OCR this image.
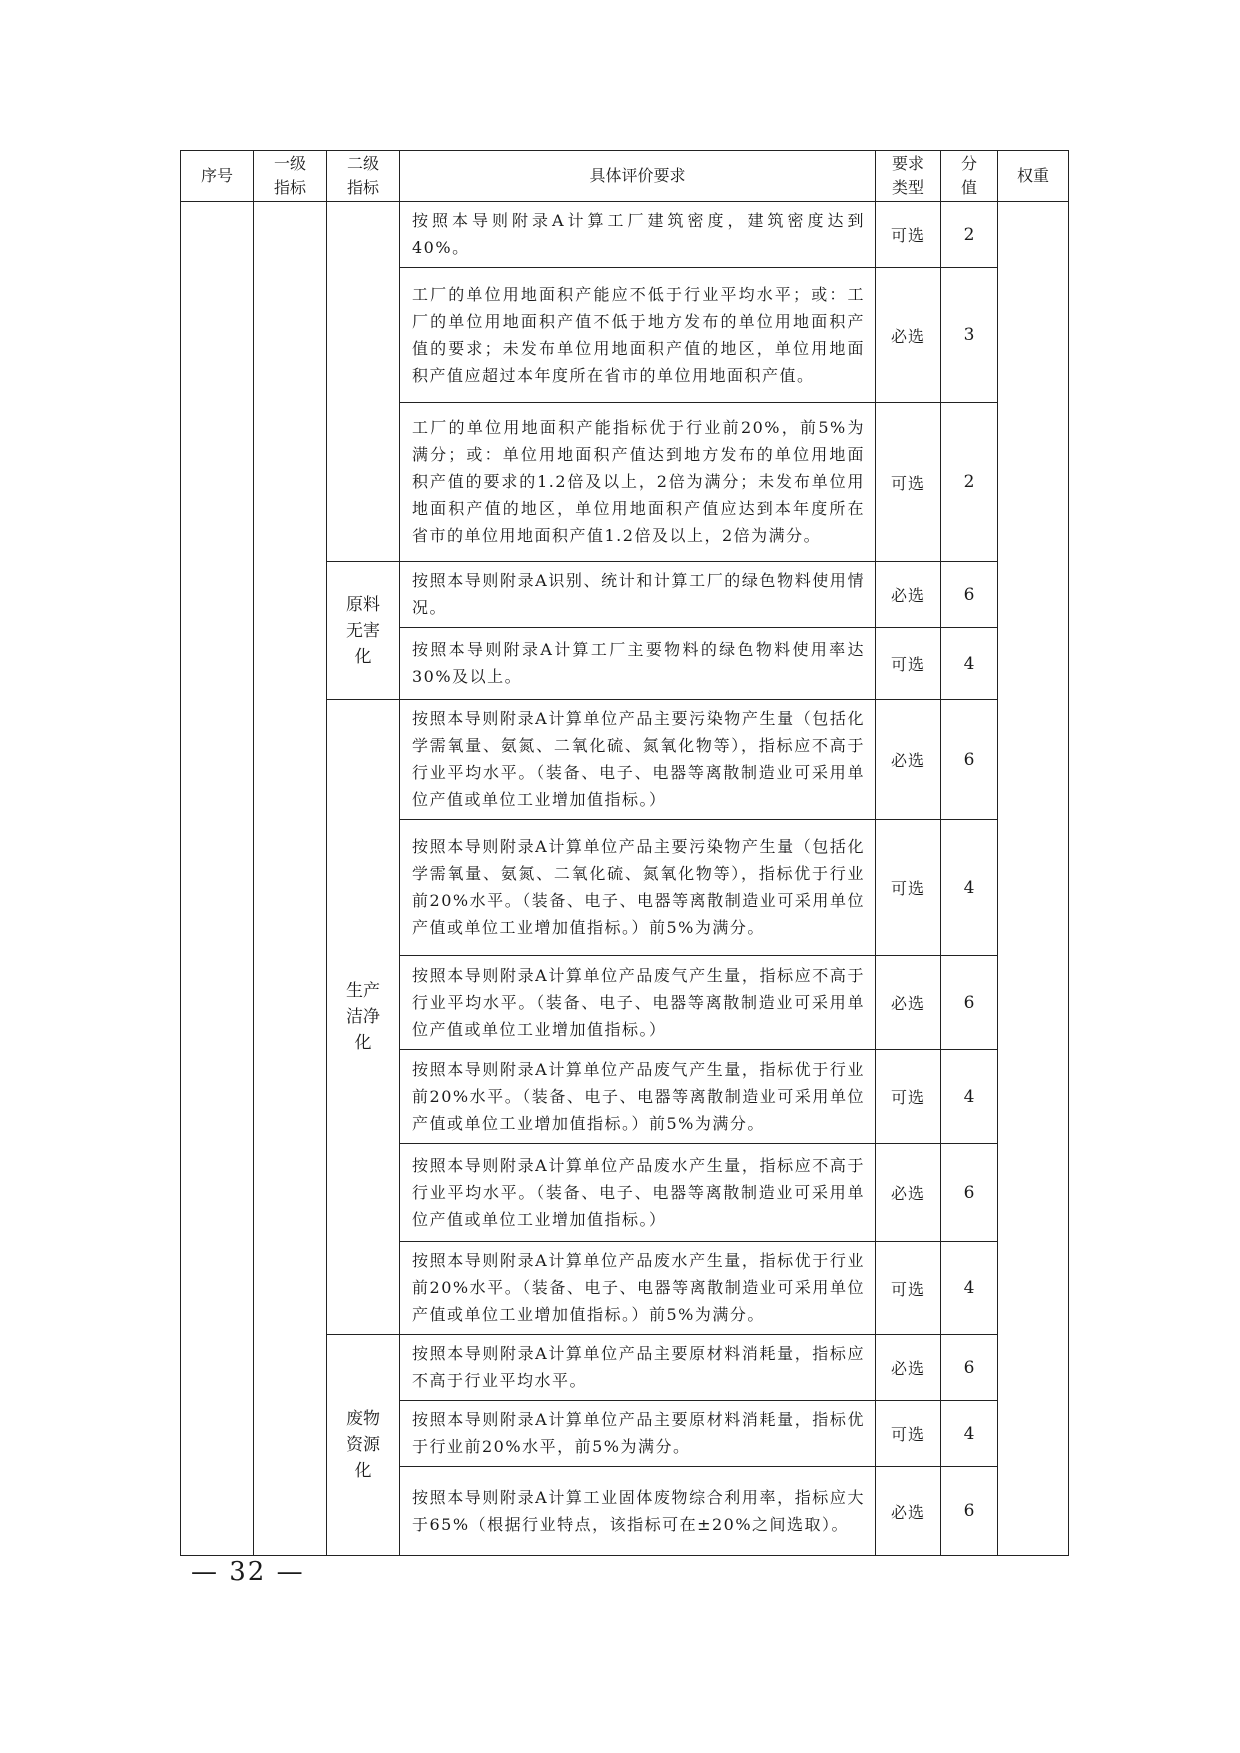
序号	一级指标	二级指标	具体评价要求	要求类型	分值	权重
			按照本导则附录A计算工厂建筑密度，建筑密度达到40%。	可选	2	
			工厂的单位用地面积产能应不低于行业平均水平；或：工厂的单位用地面积产值不低于地方发布的单位用地面积产值的要求；未发布单位用地面积产值的地区，单位用地面积产值应超过本年度所在省市的单位用地面积产值。	必选	3	
			工厂的单位用地面积产能指标优于行业前20%，前5%为满分；或：单位用地面积产值达到地方发布的单位用地面积产值的要求的1.2倍及以上，2倍为满分；未发布单位用地面积产值的地区，单位用地面积产值应达到本年度所在省市的单位用地面积产值1.2倍及以上，2倍为满分。	可选	2	
		原料无害化	按照本导则附录A识别、统计和计算工厂的绿色物料使用情况。	必选	6	
			按照本导则附录A计算工厂主要物料的绿色物料使用率达30%及以上。	可选	4	
		生产洁净化	按照本导则附录A计算单位产品主要污染物产生量（包括化学需氧量、氨氮、二氧化硫、氮氧化物等），指标应不高于行业平均水平。（装备、电子、电器等离散制造业可采用单位产值或单位工业增加值指标。）	必选	6	
			按照本导则附录A计算单位产品主要污染物产生量（包括化学需氧量、氨氮、二氧化硫、氮氧化物等），指标优于行业前20%水平。（装备、电子、电器等离散制造业可采用单位产值或单位工业增加值指标。）前5%为满分。	可选	4	
			按照本导则附录A计算单位产品废气产生量，指标应不高于行业平均水平。（装备、电子、电器等离散制造业可采用单位产值或单位工业增加值指标。）	必选	6	
			按照本导则附录A计算单位产品废气产生量，指标优于行业前20%水平。（装备、电子、电器等离散制造业可采用单位产值或单位工业增加值指标。）前5%为满分。	可选	4	
			按照本导则附录A计算单位产品废水产生量，指标应不高于行业平均水平。（装备、电子、电器等离散制造业可采用单位产值或单位工业增加值指标。）	必选	6	
			按照本导则附录A计算单位产品废水产生量，指标优于行业前20%水平。（装备、电子、电器等离散制造业可采用单位产值或单位工业增加值指标。）前5%为满分。	可选	4	
		废物资源化	按照本导则附录A计算单位产品主要原材料消耗量，指标应不高于行业平均水平。	必选	6	
			按照本导则附录A计算单位产品主要原材料消耗量，指标优于行业前20%水平，前5%为满分。	可选	4	
			按照本导则附录A计算工业固体废物综合利用率，指标应大于65%（根据行业特点，该指标可在±20%之间选取）。	必选	6	
— 32 —
